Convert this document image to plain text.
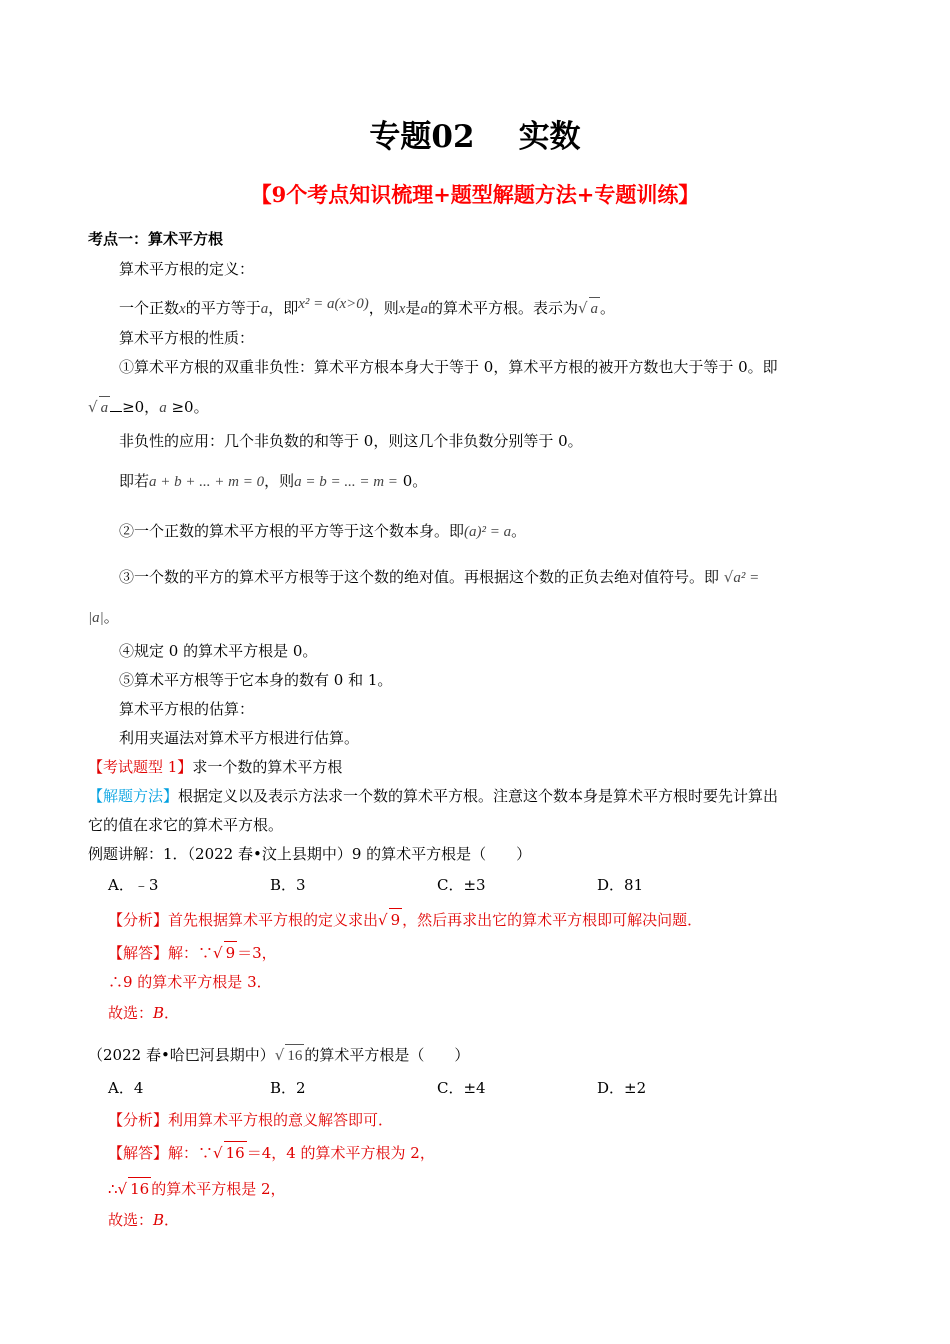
专题02 实数
【9个考点知识梳理+题型解题方法+专题训练】
考点一：算术平方根
算术平方根的定义：
一个正数x的平方等于a，即x² = a(x>0)，则x是a的算术平方根。表示为√ a 。
算术平方根的性质：
①算术平方根的双重非负性：算术平方根本身大于等于 0，算术平方根的被开方数也大于等于 0。即
√ a ≥0，a ≥0。
非负性的应用：几个非负数的和等于 0，则这几个非负数分别等于 0。
即若a + b + ... + m = 0，则a = b = ... = m = 0。
②一个正数的算术平方根的平方等于这个数本身。即(a)² = a。
③一个数的平方的算术平方根等于这个数的绝对值。再根据这个数的正负去绝对值符号。即 √a² =
|a|。
④规定 0 的算术平方根是 0。
⑤算术平方根等于它本身的数有 0 和 1。
算术平方根的估算：
利用夹逼法对算术平方根进行估算。
【考试题型 1】求一个数的算术平方根
【解题方法】根据定义以及表示方法求一个数的算术平方根。注意这个数本身是算术平方根时要先计算出
它的值在求它的算术平方根。
例题讲解：1．（2022 春•汶上县期中）9 的算术平方根是（　　）
A．﹣3	B．3	C．±3	D．81
【分析】首先根据算术平方根的定义求出√ 9 ，然后再求出它的算术平方根即可解决问题．
【解答】解：∵√ 9 ＝3，
∴9 的算术平方根是 3．
故选：B．
（2022 春•哈巴河县期中）√ 16 的算术平方根是（　　）
A．4	B．2	C．±4	D．±2
【分析】利用算术平方根的意义解答即可．
【解答】解：∵√ 16 ＝4，4 的算术平方根为 2，
∴√ 16 的算术平方根是 2，
故选：B．
